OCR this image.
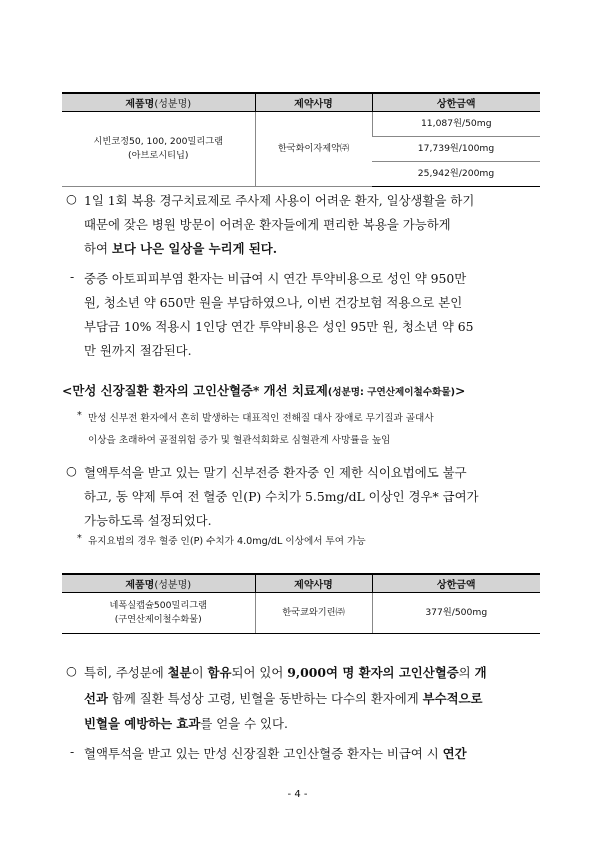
제품명(성분명)	제약사명	상한금액

시빈코정50, 100, 200밀리그램
(아브로시티닙)	한국화이자제약㈜	11,087원/50mg
		17,739원/100mg
		25,942원/200mg
○ 1일 1회 복용 경구치료제로 주사제 사용이 어려운 환자, 일상생활을 하기
때문에 잦은 병원 방문이 어려운 환자들에게 편리한 복용을 가능하게
하여 보다 나은 일상을 누리게 된다.
- 중증 아토피피부염 환자는 비급여 시 연간 투약비용으로 성인 약 950만
원, 청소년 약 650만 원을 부담하였으나, 이번 건강보험 적용으로 본인
부담금 10% 적용시 1인당 연간 투약비용은 성인 95만 원, 청소년 약 65
만 원까지 절감된다.
<만성 신장질환 환자의 고인산혈증* 개선 치료제(성분명: 구연산제이철수화물)>
* 만성 신부전 환자에서 흔히 발생하는 대표적인 전해질 대사 장애로 무기질과 골대사
이상을 초래하여 골절위험 증가 및 혈관석회화로 심혈관계 사망률을 높임
○ 혈액투석을 받고 있는 말기 신부전증 환자중 인 제한 식이요법에도 불구
하고, 동 약제 투여 전 혈중 인(P) 수치가 5.5mg/dL 이상인 경우* 급여가
가능하도록 설정되었다.
* 유지요법의 경우 혈중 인(P) 수치가 4.0mg/dL 이상에서 투여 가능
제품명(성분명)	제약사명	상한금액

네폭실캡슐500밀리그램
(구연산제이철수화물)	한국쿄와기린㈜	377원/500mg
○ 특히, 주성분에 철분이 함유되어 있어 9,000여 명 환자의 고인산혈증의 개
선과 함께 질환 특성상 고령, 빈혈을 동반하는 다수의 환자에게 부수적으로
빈혈을 예방하는 효과를 얻을 수 있다.
- 혈액투석을 받고 있는 만성 신장질환 고인산혈증 환자는 비급여 시 연간
- 4 -
